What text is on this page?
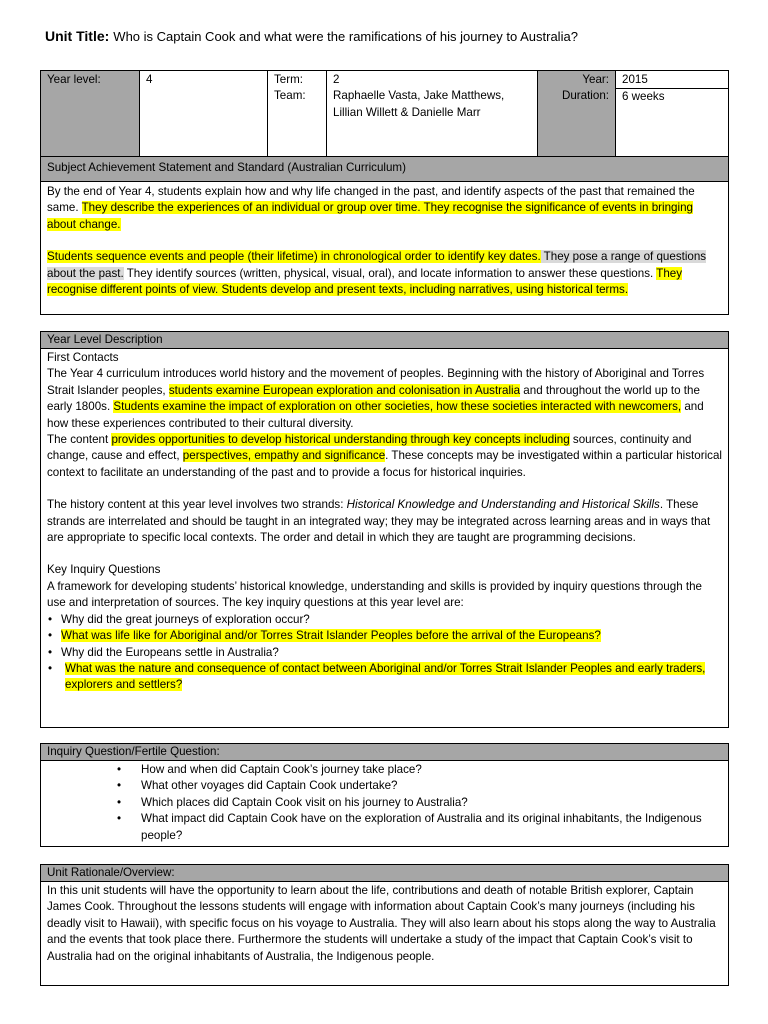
Unit Title: Who is Captain Cook and what were the ramifications of his journey to Australia?
Year level:	4	Term:
Team:
2
Raphaelle Vasta, Jake Matthews, Lillian Willett & Danielle Marr
Year:
Duration:
2015
6 weeks
Subject Achievement Statement and Standard (Australian Curriculum)

By the end of Year 4, students explain how and why life changed in the past, and identify aspects of the past that remained the same. They describe the experiences of an individual or group over time. They recognise the significance of events in bringing about change.

Students sequence events and people (their lifetime) in chronological order to identify key dates. They pose a range of questions about the past. They identify sources (written, physical, visual, oral), and locate information to answer these questions. They recognise different points of view. Students develop and present texts, including narratives, using historical terms.

Year Level Description

First Contacts

The Year 4 curriculum introduces world history and the movement of peoples. Beginning with the history of Aboriginal and Torres Strait Islander peoples, students examine European exploration and colonisation in Australia and throughout the world up to the early 1800s. Students examine the impact of exploration on other societies, how these societies interacted with newcomers, and how these experiences contributed to their cultural diversity.

The content provides opportunities to develop historical understanding through key concepts including sources, continuity and change, cause and effect, perspectives, empathy and significance. These concepts may be investigated within a particular historical context to facilitate an understanding of the past and to provide a focus for historical inquiries.

The history content at this year level involves two strands: Historical Knowledge and Understanding and Historical Skills. These strands are interrelated and should be taught in an integrated way; they may be integrated across learning areas and in ways that are appropriate to specific local contexts. The order and detail in which they are taught are programming decisions.

Key Inquiry Questions

A framework for developing students’ historical knowledge, understanding and skills is provided by inquiry questions through the use and interpretation of sources. The key inquiry questions at this year level are:

• Why did the great journeys of exploration occur?
• What was life like for Aboriginal and/or Torres Strait Islander Peoples before the arrival of the Europeans?
• Why did the Europeans settle in Australia?
• What was the nature and consequence of contact between Aboriginal and/or Torres Strait Islander Peoples and early traders, explorers and settlers?
Inquiry Question/Fertile Question:
• How and when did Captain Cook’s journey take place?
• What other voyages did Captain Cook undertake?
• Which places did Captain Cook visit on his journey to Australia?
• What impact did Captain Cook have on the exploration of Australia and its original inhabitants, the Indigenous people?
Unit Rationale/Overview:

In this unit students will have the opportunity to learn about the life, contributions and death of notable British explorer, Captain James Cook. Throughout the lessons students will engage with information about Captain Cook’s many journeys (including his deadly visit to Hawaii), with specific focus on his voyage to Australia. They will also learn about his stops along the way to Australia and the events that took place there. Furthermore the students will undertake a study of the impact that Captain Cook’s visit to Australia had on the original inhabitants of Australia, the Indigenous people.
